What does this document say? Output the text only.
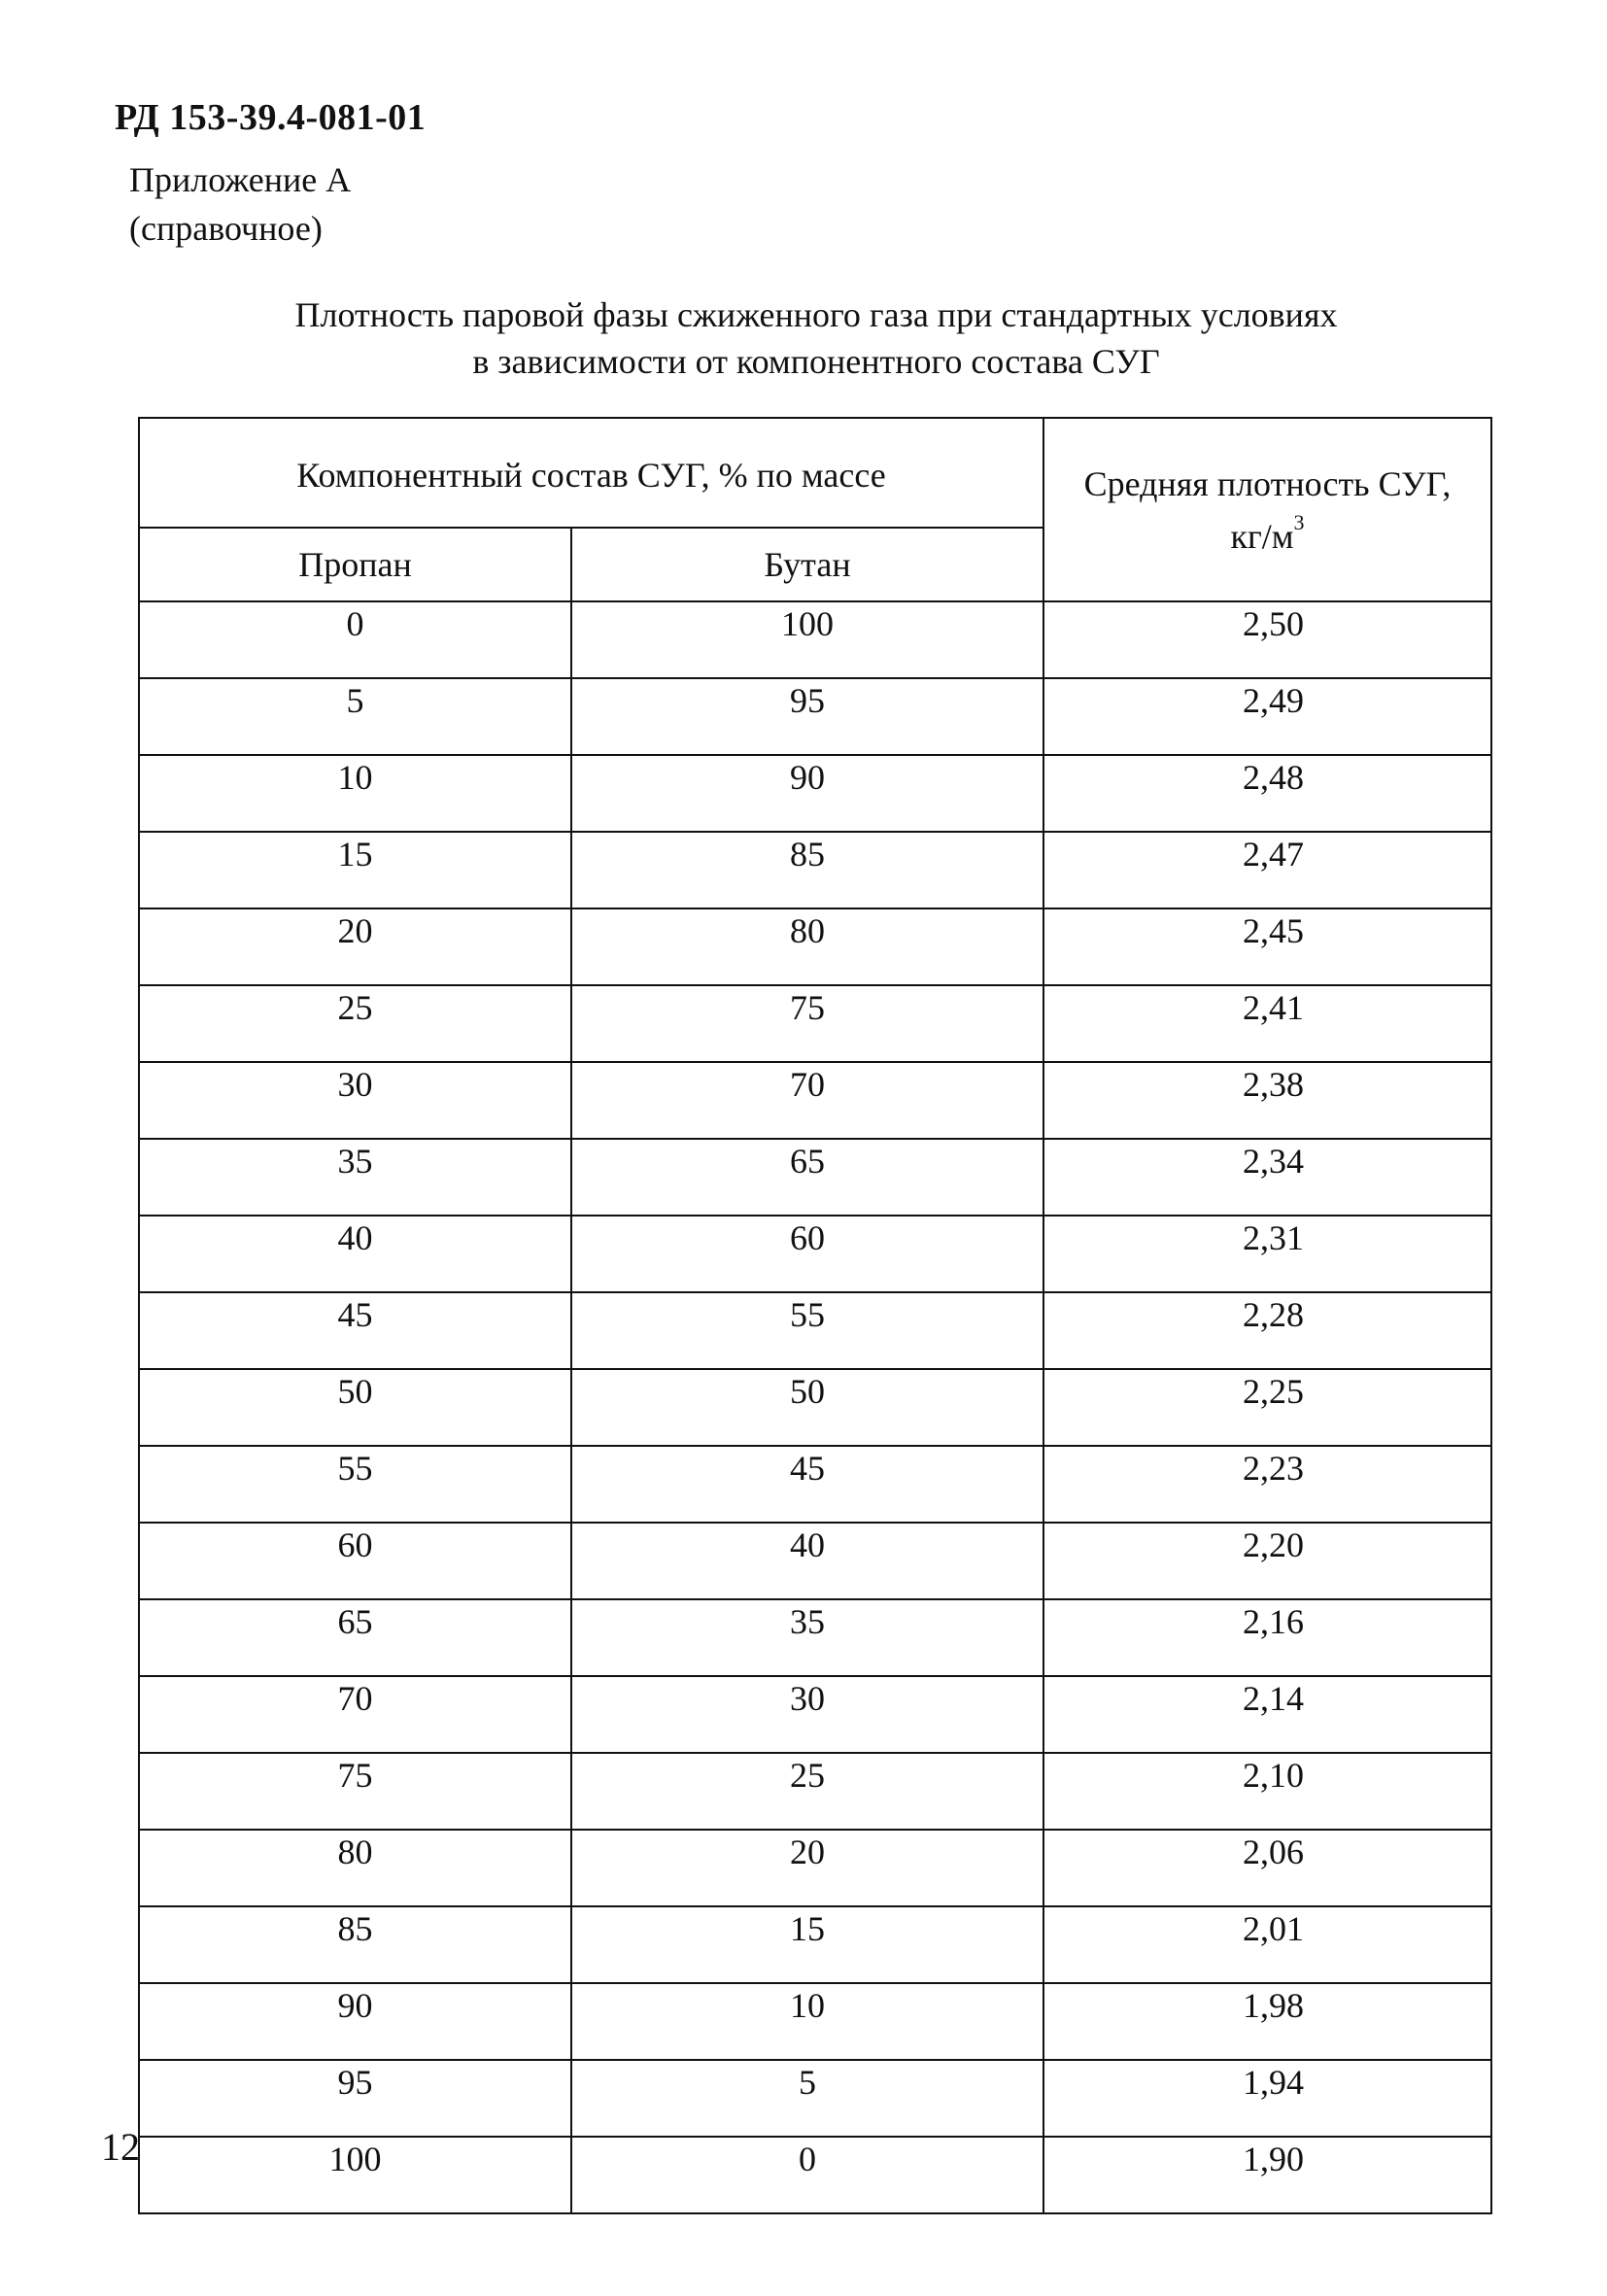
РД 153-39.4-081-01
Приложение А
(справочное)
Плотность паровой фазы сжиженного газа при стандартных условиях
в зависимости от компонентного состава СУГ
Компонентный состав СУГ, % по массе		Средняя плотность СУГ,
$кг/м^3$

Пропан	Бутан	
0	100	2,50
5	95	2,49
10	90	2,48
15	85	2,47
20	80	2,45
25	75	2,41
30	70	2,38
35	65	2,34
40	60	2,31
45	55	2,28
50	50	2,25
55	45	2,23
60	40	2,20
65	35	2,16
70	30	2,14
75	25	2,10
80	20	2,06
85	15	2,01
90	10	1,98
95	5	1,94
100	0	1,90
12
